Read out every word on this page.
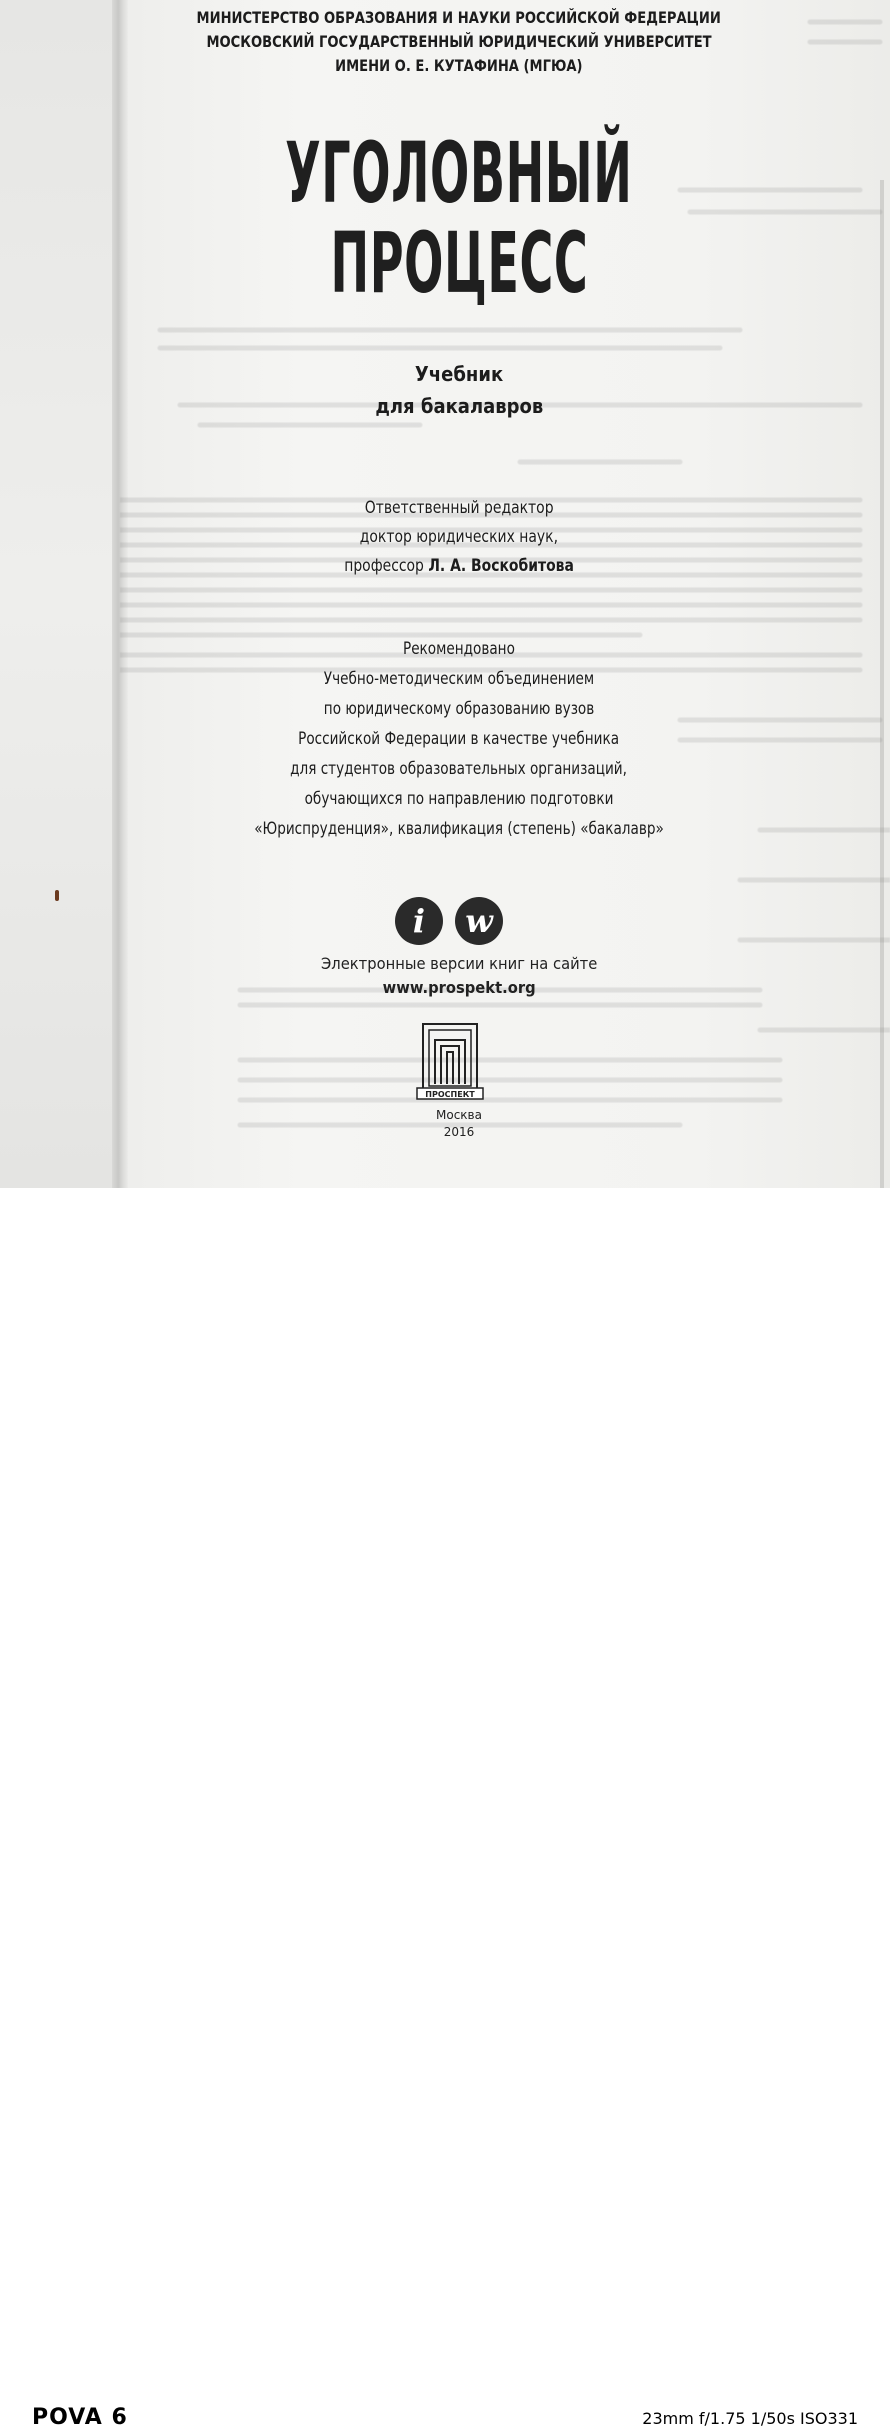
МИНИСТЕРСТВО ОБРАЗОВАНИЯ И НАУКИ РОССИЙСКОЙ ФЕДЕРАЦИИ
МОСКОВСКИЙ ГОСУДАРСТВЕННЫЙ ЮРИДИЧЕСКИЙ УНИВЕРСИТЕТ
ИМЕНИ О. Е. КУТАФИНА (МГЮА)
УГОЛОВНЫЙ
ПРОЦЕСС
Учебник
для бакалавров
Ответственный редактор
доктор юридических наук,
профессор Л. А. Воскобитова
Рекомендовано
Учебно-методическим объединением
по юридическому образованию вузов
Российской Федерации в качестве учебника
для студентов образовательных организаций,
обучающихся по направлению подготовки
«Юриспруденция», квалификация (степень) «бакалавр»
i	w
Электронные версии книг на сайте
www.prospekt.org
ПРОСПЕКТ
Москва
2016
POVA 6	23mm f/1.75 1/50s ISO331
